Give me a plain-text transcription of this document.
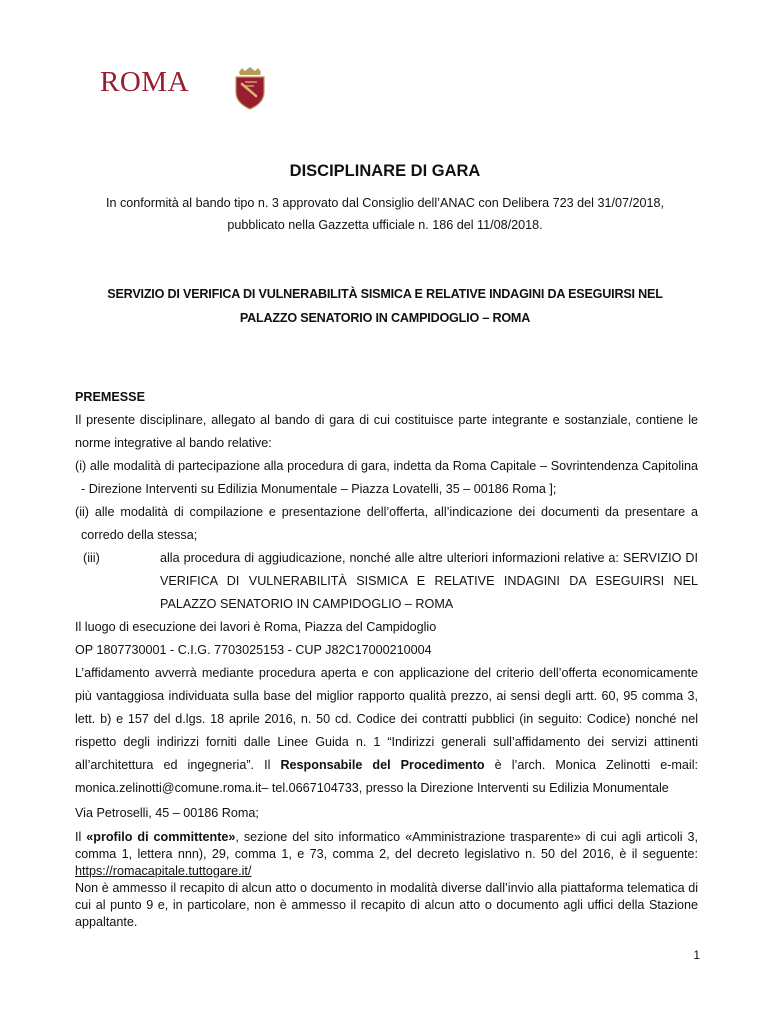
ROMA
DISCIPLINARE DI GARA
In conformità al bando tipo n. 3 approvato dal Consiglio dell’ANAC con Delibera 723 del 31/07/2018,
pubblicato nella Gazzetta ufficiale n. 186 del 11/08/2018.
SERVIZIO DI VERIFICA DI VULNERABILITÀ SISMICA E RELATIVE INDAGINI DA ESEGUIRSI NEL
PALAZZO SENATORIO IN CAMPIDOGLIO – ROMA

PREMESSE

Il presente disciplinare, allegato al bando di gara di cui costituisce parte integrante e sostanziale, contiene le norme integrative al bando relative:

(i) alle modalità di partecipazione alla procedura di gara, indetta da Roma Capitale – Sovrintendenza Capitolina - Direzione Interventi su Edilizia Monumentale – Piazza Lovatelli, 35 – 00186 Roma ];

(ii) alle modalità di compilazione e presentazione dell’offerta, all’indicazione dei documenti da presentare a corredo della stessa;

(iii)	alla procedura di aggiudicazione, nonché alle altre ulteriori informazioni relative a: SERVIZIO DI VERIFICA DI VULNERABILITÀ SISMICA E RELATIVE INDAGINI DA ESEGUIRSI NEL PALAZZO SENATORIO IN CAMPIDOGLIO – ROMA

Il luogo di esecuzione dei lavori è Roma, Piazza del Campidoglio

OP 1807730001 - C.I.G. 7703025153 - CUP J82C17000210004

L’affidamento avverrà mediante procedura aperta e con applicazione del criterio dell’offerta economicamente più vantaggiosa individuata sulla base del miglior rapporto qualità prezzo, ai sensi degli artt. 60, 95 comma 3, lett. b) e 157 del d.lgs. 18 aprile 2016, n. 50 cd. Codice dei contratti pubblici (in seguito: Codice) nonché nel rispetto degli indirizzi forniti dalle Linee Guida n. 1 “Indirizzi generali sull’affidamento dei servizi attinenti all’architettura ed ingegneria”. Il Responsabile del Procedimento è l’arch. Monica Zelinotti e-mail: monica.zelinotti@comune.roma.it– tel.0667104733, presso la Direzione Interventi su Edilizia Monumentale

Via Petroselli, 45 – 00186 Roma;

Il «profilo di committente», sezione del sito informatico «Amministrazione trasparente» di cui agli articoli 3, comma 1, lettera nnn), 29, comma 1, e 73, comma 2, del decreto legislativo n. 50 del 2016, è il seguente: https://romacapitale.tuttogare.it/

Non è ammesso il recapito di alcun atto o documento in modalità diverse dall’invio alla piattaforma telematica di cui al punto 9 e, in particolare, non è ammesso il recapito di alcun atto o documento agli uffici della Stazione appaltante.

1
